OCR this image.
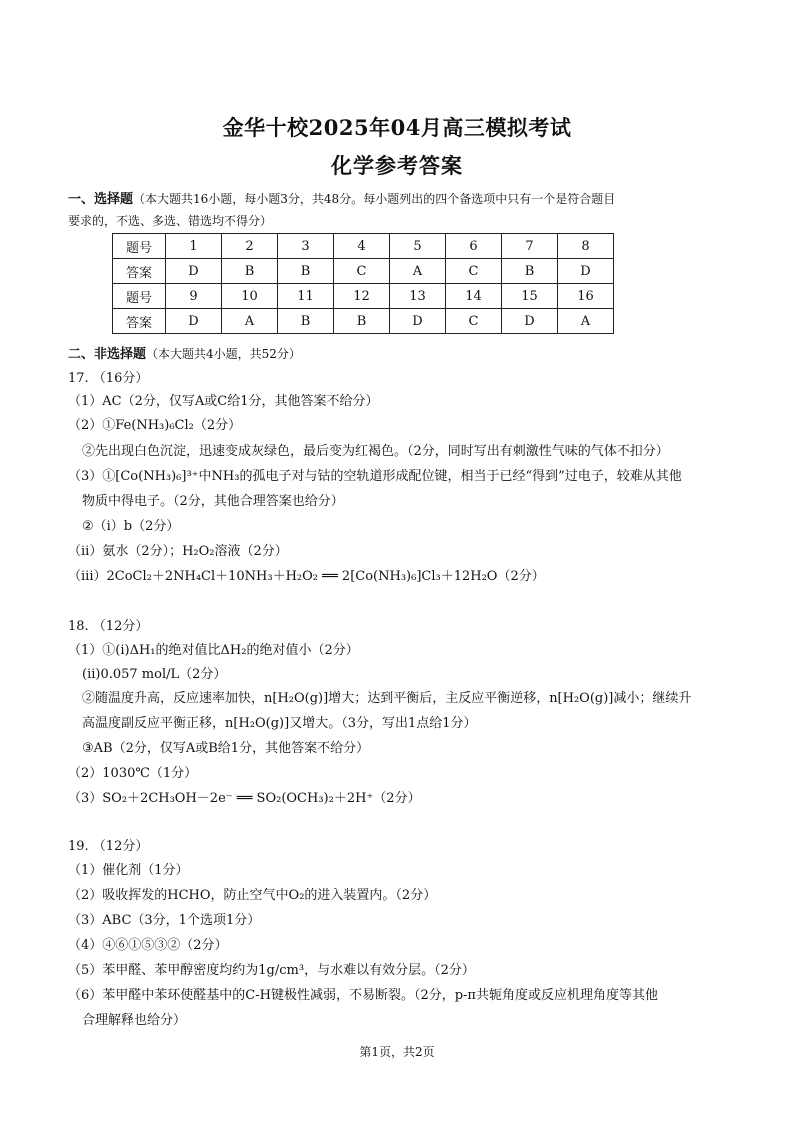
金华十校2025年04月高三模拟考试
化学参考答案
一、选择题（本大题共16小题，每小题3分，共48分。每小题列出的四个备选项中只有一个是符合题目
要求的，不选、多选、错选均不得分）
题号	1	2	3	4	5	6	7	8
答案	D	B	B	C	A	C	B	D
题号	9	10	11	12	13	14	15	16
答案	D	A	B	B	D	C	D	A
二、非选择题（本大题共4小题，共52分）
17. （16分）
（1）AC（2分，仅写A或C给1分，其他答案不给分）
（2）①Fe(NH₃)₆Cl₂（2分）
②先出现白色沉淀，迅速变成灰绿色，最后变为红褐色。（2分，同时写出有刺激性气味的气体不扣分）
（3）①[Co(NH₃)₆]³⁺中NH₃的孤电子对与钴的空轨道形成配位键，相当于已经“得到”过电子，较难从其他
物质中得电子。（2分，其他合理答案也给分）
②（i）b（2分）
（ii）氨水（2分）；H₂O₂溶液（2分）
（iii）2CoCl₂＋2NH₄Cl＋10NH₃＋H₂O₂ ══ 2[Co(NH₃)₆]Cl₃＋12H₂O（2分）
18. （12分）
（1）①(i)ΔH₁的绝对值比ΔH₂的绝对值小（2分）
(ii)0.057 mol/L（2分）
②随温度升高，反应速率加快，n[H₂O(g)]增大；达到平衡后，主反应平衡逆移，n[H₂O(g)]减小；继续升
高温度副反应平衡正移，n[H₂O(g)]又增大。（3分，写出1点给1分）
③AB（2分，仅写A或B给1分，其他答案不给分）
（2）1030℃（1分）
（3）SO₂＋2CH₃OH－2e⁻ ══ SO₂(OCH₃)₂＋2H⁺（2分）
19. （12分）
（1）催化剂（1分）
（2）吸收挥发的HCHO，防止空气中O₂的进入装置内。（2分）
（3）ABC（3分，1个选项1分）
（4）④⑥①⑤③②（2分）
（5）苯甲醛、苯甲醇密度均约为1g/cm³，与水难以有效分层。（2分）
（6）苯甲醛中苯环使醛基中的C-H键极性减弱，不易断裂。（2分，p-π共轭角度或反应机理角度等其他
合理解释也给分）
第1页，共2页
